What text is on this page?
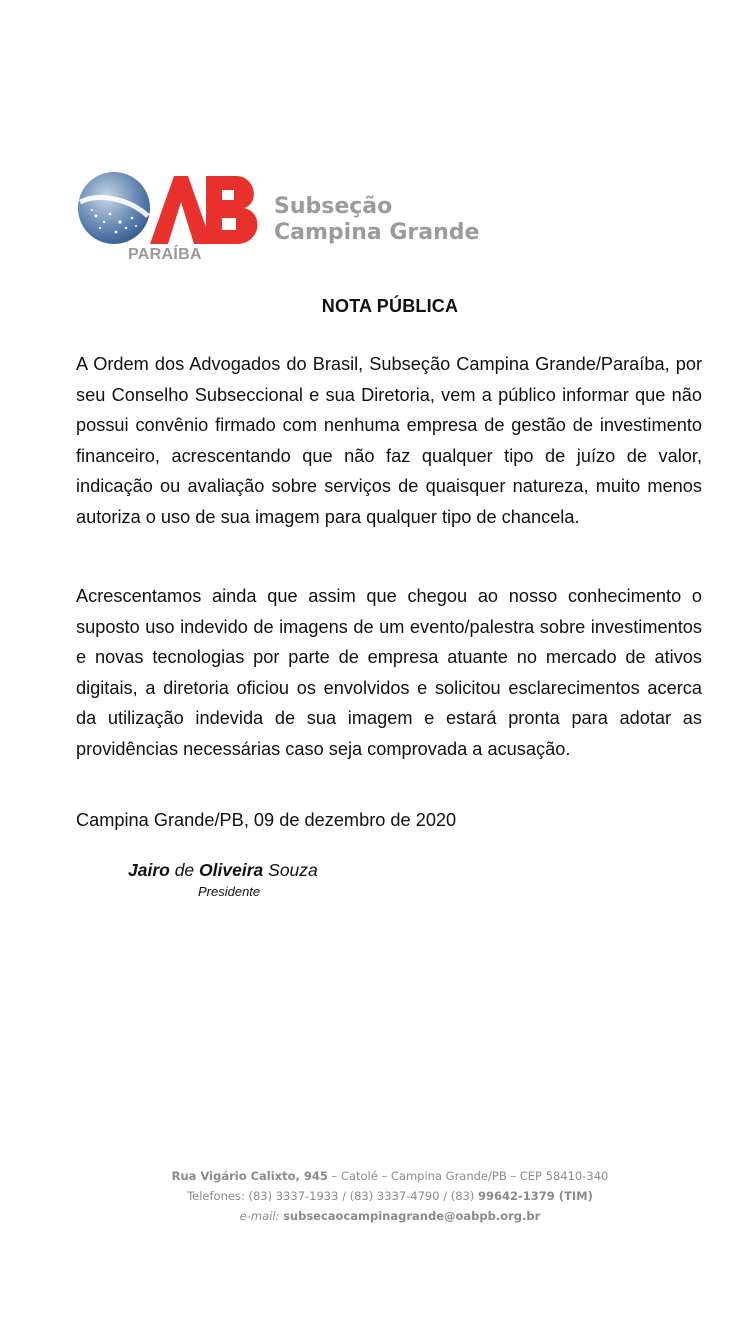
PARAÍBA
Subseção
Campina Grande
NOTA PÚBLICA

A Ordem dos Advogados do Brasil, Subseção Campina Grande/Paraíba, por seu Conselho Subseccional e sua Diretoria, vem a público informar que não possui convênio firmado com nenhuma empresa de gestão de investimento financeiro, acrescentando que não faz qualquer tipo de juízo de valor, indicação ou avaliação sobre serviços de quaisquer natureza, muito menos autoriza o uso de sua imagem para qualquer tipo de chancela.

Acrescentamos ainda que assim que chegou ao nosso conhecimento o suposto uso indevido de imagens de um evento/palestra sobre investimentos e novas tecnologias por parte de empresa atuante no mercado de ativos digitais, a diretoria oficiou os envolvidos e solicitou esclarecimentos acerca da utilização indevida de sua imagem e estará pronta para adotar as providências necessárias caso seja comprovada a acusação.

Campina Grande/PB, 09 de dezembro de 2020
Jairo de Oliveira Souza
Presidente
Rua Vigário Calixto, 945 – Catolé – Campina Grande/PB – CEP 58410-340
Telefones: (83) 3337-1933 / (83) 3337-4790 / (83) 99642-1379 (TIM)
e-mail: subsecaocampinagrande@oabpb.org.br
